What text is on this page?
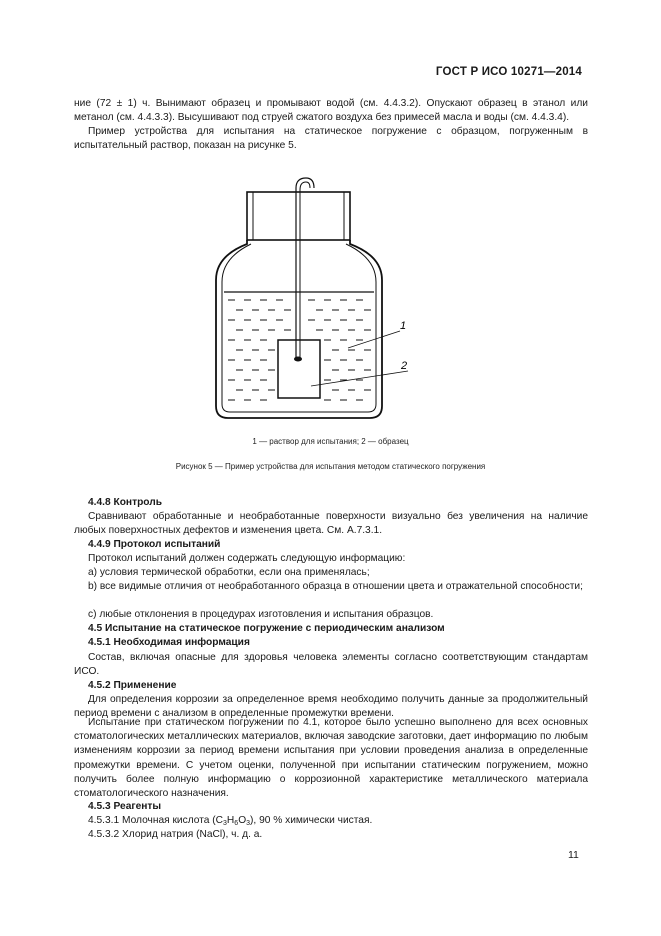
ГОСТ Р ИСО 10271—2014

ние (72 ± 1) ч. Вынимают образец и промывают водой (см. 4.4.3.2). Опускают образец в этанол или метанол (см. 4.4.3.3). Высушивают под струей сжатого воздуха без примесей масла и воды (см. 4.4.3.4).

Пример устройства для испытания на статическое погружение с образцом, погруженным в испытательный раствор, показан на рисунке 5.

1
2
1 — раствор для испытания; 2 — образец
Рисунок 5 — Пример устройства для испытания методом статического погружения

4.4.8 Контроль

Сравнивают обработанные и необработанные поверхности визуально без увеличения на наличие любых поверхностных дефектов и изменения цвета. См. А.7.3.1.

4.4.9 Протокол испытаний

Протокол испытаний должен содержать следующую информацию:

a) условия термической обработки, если она применялась;

b) все видимые отличия от необработанного образца в отношении цвета и отражательной способности;

c) любые отклонения в процедурах изготовления и испытания образцов.

4.5 Испытание на статическое погружение с периодическим анализом

4.5.1 Необходимая информация

Состав, включая опасные для здоровья человека элементы согласно соответствующим стандартам ИСО.

4.5.2 Применение

Для определения коррозии за определенное время необходимо получить данные за продолжительный период времени с анализом в определенные промежутки времени.

Испытание при статическом погружении по 4.1, которое было успешно выполнено для всех основных стоматологических металлических материалов, включая заводские заготовки, дает информацию по любым изменениям коррозии за период времени испытания при условии проведения анализа в определенные промежутки времени. С учетом оценки, полученной при испытании статическим погружением, можно получить более полную информацию о коррозионной характеристике металлического материала стоматологического назначения.

4.5.3 Реагенты

4.5.3.1 Молочная кислота $(C_3H_6O_3)$, 90 % химически чистая.

4.5.3.2 Хлорид натрия (NaCl), ч. д. а.

11
